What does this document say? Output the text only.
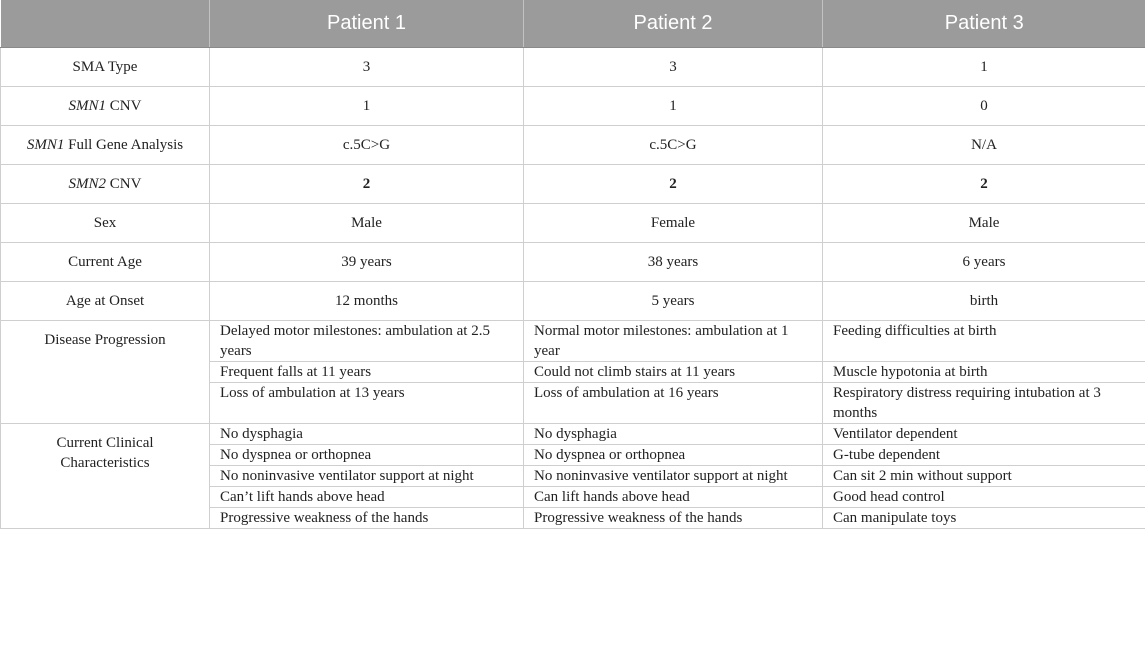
	Patient 1	Patient 2	Patient 3
SMA Type	3	3	1
SMN1 CNV	1	1	0
SMN1 Full Gene Analysis	c.5C>G	c.5C>G	N/A
SMN2 CNV	2	2	2
Sex	Male	Female	Male
Current Age	39 years	38 years	6 years
Age at Onset	12 months	5 years	birth
Disease Progression	Delayed motor milestones: ambulation at 2.5 years	Normal motor milestones: ambulation at 1 year	Feeding difficulties at birth
	Frequent falls at 11 years	Could not climb stairs at 11 years	Muscle hypotonia at birth
	Loss of ambulation at 13 years	Loss of ambulation at 16 years	Respiratory distress requiring intubation at 3 months
Current Clinical Characteristics	No dysphagia	No dysphagia	Ventilator dependent
	No dyspnea or orthopnea	No dyspnea or orthopnea	G-tube dependent
	No noninvasive ventilator support at night	No noninvasive ventilator support at night	Can sit 2 min without support
	Can’t lift hands above head	Can lift hands above head	Good head control
	Progressive weakness of the hands	Progressive weakness of the hands	Can manipulate toys
